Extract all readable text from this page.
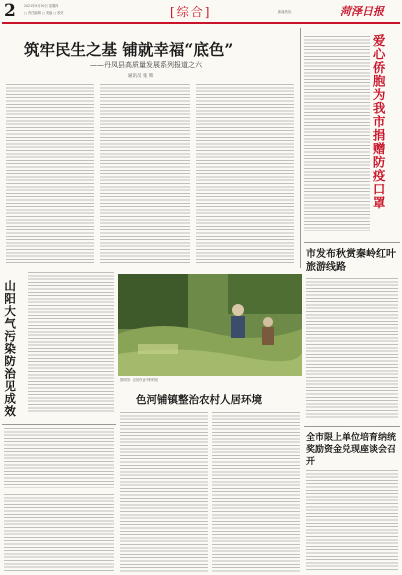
2	2021年9月30日 星期四
□ 责任编辑 □ 美编 □ 校对	[综合]	新闻热线：	菏泽日报
筑牢民生之基 铺就幸福“底色”
——丹凤县高质量发展系列报道之六
通讯员 张 辉	爱心侨胞为我市捐赠防疫口罩
山阳大气污染防治见成效	资料图：农田作业中的村民
市发布秋赏秦岭红叶旅游线路
色河铺镇整治农村人居环境
全市限上单位培育纳统奖励资金兑现座谈会召开
